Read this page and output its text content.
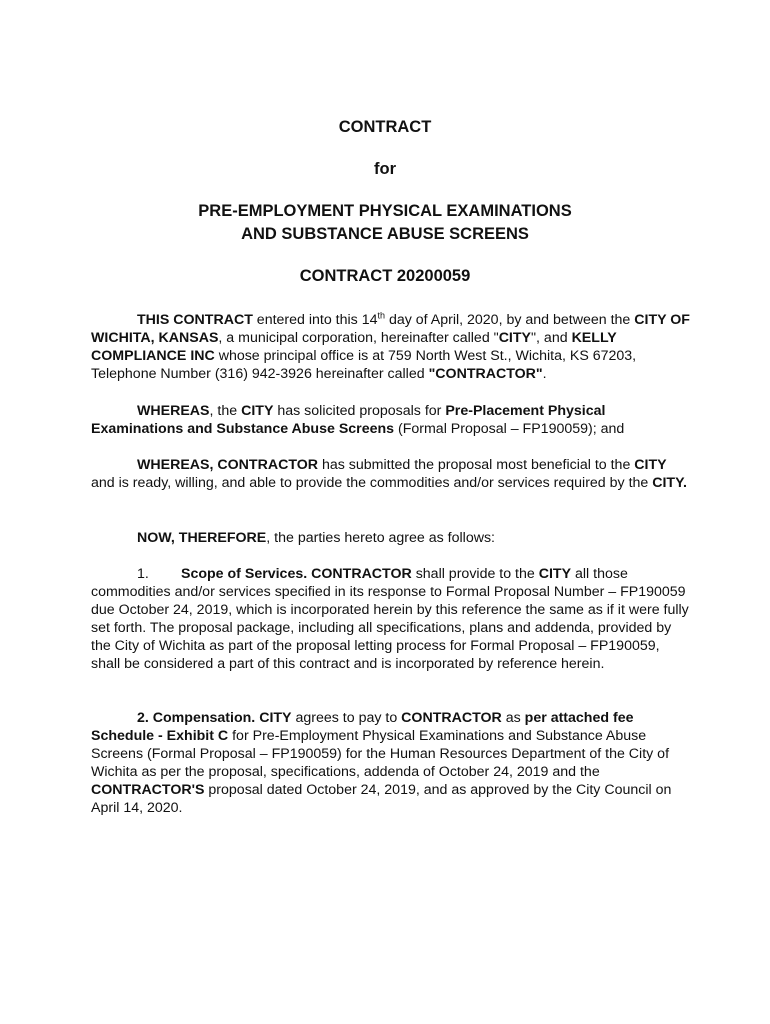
CONTRACT

for

PRE-EMPLOYMENT PHYSICAL EXAMINATIONS

AND SUBSTANCE ABUSE SCREENS

CONTRACT 20200059

THIS CONTRACT entered into this 14th day of April, 2020, by and between the CITY OF WICHITA, KANSAS, a municipal corporation, hereinafter called "CITY", and KELLY COMPLIANCE INC whose principal office is at 759 North West St., Wichita, KS 67203, Telephone Number (316) 942-3926 hereinafter called "CONTRACTOR".

WHEREAS, the CITY has solicited proposals for Pre-Placement Physical Examinations and Substance Abuse Screens (Formal Proposal – FP190059); and

WHEREAS, CONTRACTOR has submitted the proposal most beneficial to the CITY and is ready, willing, and able to provide the commodities and/or services required by the CITY.

NOW, THEREFORE, the parties hereto agree as follows:

1. Scope of Services. CONTRACTOR shall provide to the CITY all those commodities and/or services specified in its response to Formal Proposal Number – FP190059 due October 24, 2019, which is incorporated herein by this reference the same as if it were fully set forth. The proposal package, including all specifications, plans and addenda, provided by the City of Wichita as part of the proposal letting process for Formal Proposal – FP190059, shall be considered a part of this contract and is incorporated by reference herein.

2. Compensation. CITY agrees to pay to CONTRACTOR as per attached fee Schedule - Exhibit C for Pre-Employment Physical Examinations and Substance Abuse Screens (Formal Proposal – FP190059) for the Human Resources Department of the City of Wichita as per the proposal, specifications, addenda of October 24, 2019 and the CONTRACTOR'S proposal dated October 24, 2019, and as approved by the City Council on April 14, 2020.
